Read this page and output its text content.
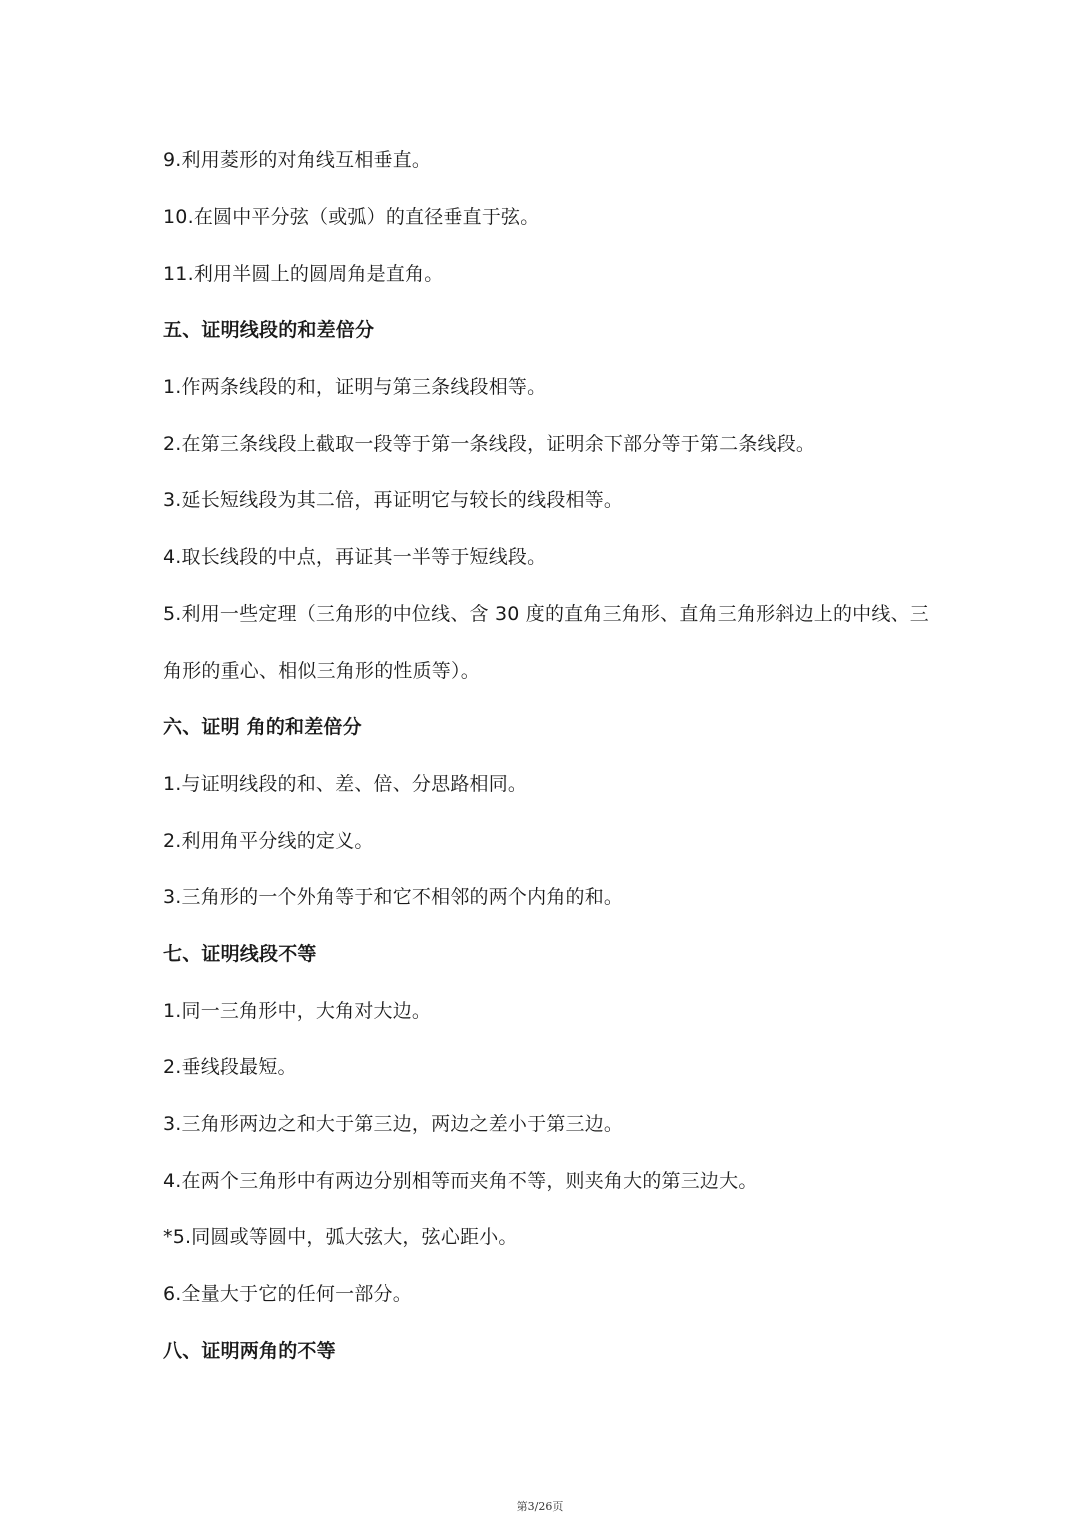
9.利用菱形的对角线互相垂直。
10.在圆中平分弦（或弧）的直径垂直于弦。
11.利用半圆上的圆周角是直角。
五、证明线段的和差倍分
1.作两条线段的和，证明与第三条线段相等。
2.在第三条线段上截取一段等于第一条线段，证明余下部分等于第二条线段。
3.延长短线段为其二倍，再证明它与较长的线段相等。
4.取长线段的中点，再证其一半等于短线段。
5.利用一些定理（三角形的中位线、含 30 度的直角三角形、直角三角形斜边上的中线、三
角形的重心、相似三角形的性质等）。
六、证明 角的和差倍分
1.与证明线段的和、差、倍、分思路相同。
2.利用角平分线的定义。
3.三角形的一个外角等于和它不相邻的两个内角的和。
七、证明线段不等
1.同一三角形中，大角对大边。
2.垂线段最短。
3.三角形两边之和大于第三边，两边之差小于第三边。
4.在两个三角形中有两边分别相等而夹角不等，则夹角大的第三边大。
*5.同圆或等圆中，弧大弦大，弦心距小。
6.全量大于它的任何一部分。
八、证明两角的不等
第3/26页
